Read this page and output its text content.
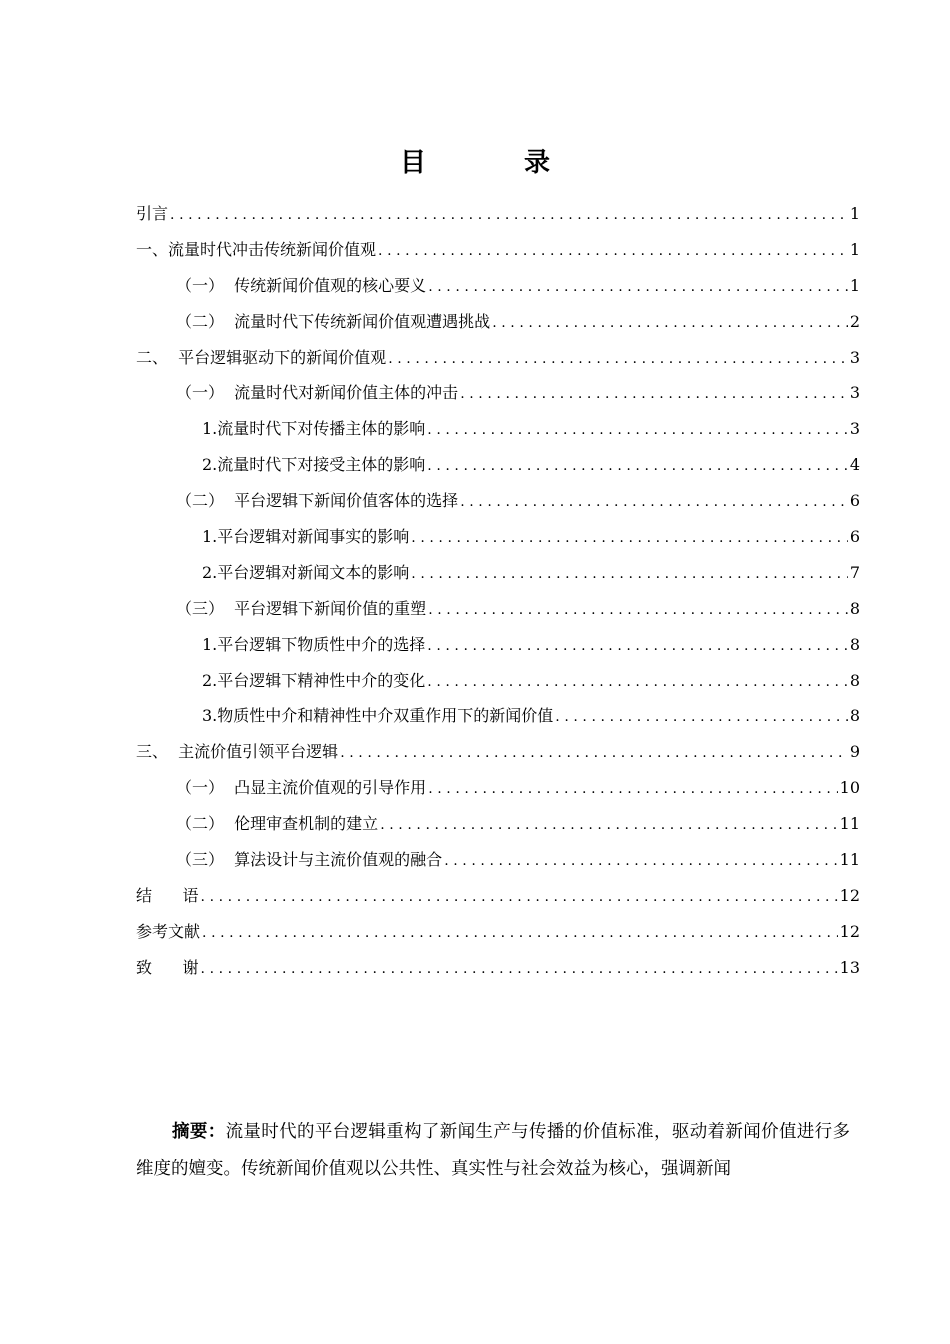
目　录
引言 .....	1
一、流量时代冲击传统新闻价值观 .....	1
（一）  传统新闻价值观的核心要义 .....	1
（二）  流量时代下传统新闻价值观遭遇挑战 .....	2
二、  平台逻辑驱动下的新闻价值观 .....	3
（一）  流量时代对新闻价值主体的冲击 .....	3
1.流量时代下对传播主体的影响 .....	3
2.流量时代下对接受主体的影响 .....	4
（二）  平台逻辑下新闻价值客体的选择 .....	6
1.平台逻辑对新闻事实的影响 .....	6
2.平台逻辑对新闻文本的影响 .....	7
（三）  平台逻辑下新闻价值的重塑 .....	8
1.平台逻辑下物质性中介的选择 .....	8
2.平台逻辑下精神性中介的变化 .....	8
3.物质性中介和精神性中介双重作用下的新闻价值 .....	8
三、  主流价值引领平台逻辑 .....	9
（一）  凸显主流价值观的引导作用 .....	10
（二）  伦理审查机制的建立 .....	11
（三）  算法设计与主流价值观的融合 .....	11
结      语 .....	12
参考文献 .....	12
致      谢 .....	13
摘要：流量时代的平台逻辑重构了新闻生产与传播的价值标准，驱动着新闻价值进行多维度的嬗变。传统新闻价值观以公共性、真实性与社会效益为核心，强调新闻
